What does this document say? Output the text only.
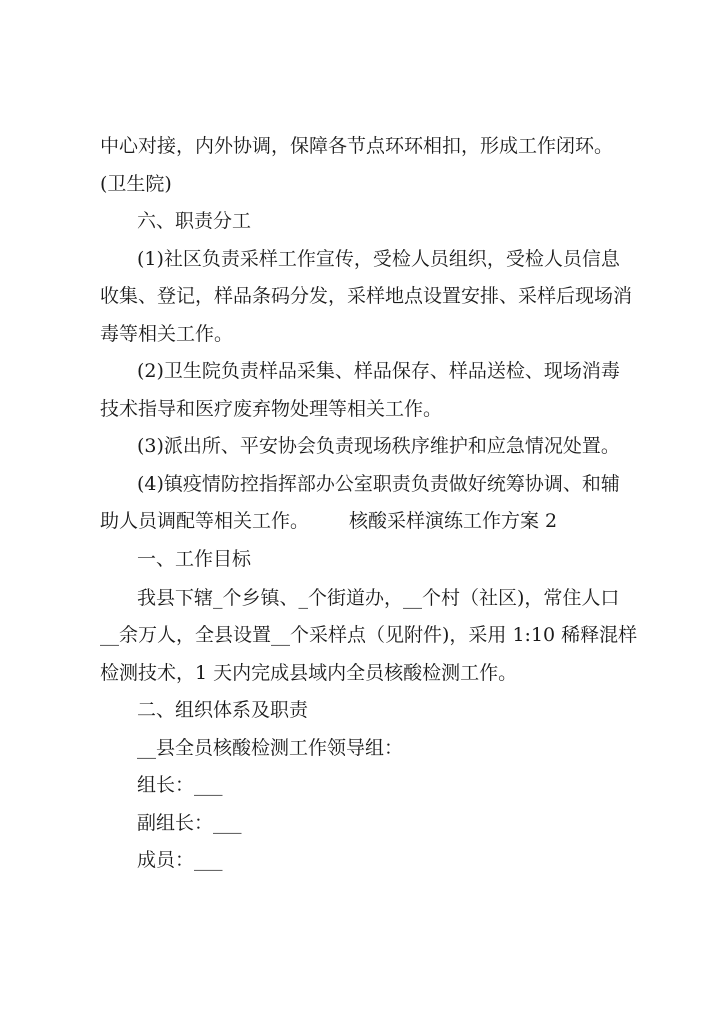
中心对接，内外协调，保障各节点环环相扣，形成工作闭环。
(卫生院)
六、职责分工
(1)社区负责采样工作宣传，受检人员组织，受检人员信息
收集、登记，样品条码分发，采样地点设置安排、采样后现场消
毒等相关工作。
(2)卫生院负责样品采集、样品保存、样品送检、现场消毒
技术指导和医疗废弃物处理等相关工作。
(3)派出所、平安协会负责现场秩序维护和应急情况处置。
(4)镇疫情防控指挥部办公室职责负责做好统筹协调、和辅
助人员调配等相关工作。 核酸采样演练工作方案 2
一、工作目标
我县下辖_个乡镇、_个街道办，__个村（社区)，常住人口
__余万人，全县设置__个采样点（见附件)，采用 1:10 稀释混样
检测技术，1 天内完成县域内全员核酸检测工作。
二、组织体系及职责
__县全员核酸检测工作领导组：
组长：___
副组长：___
成员：___
